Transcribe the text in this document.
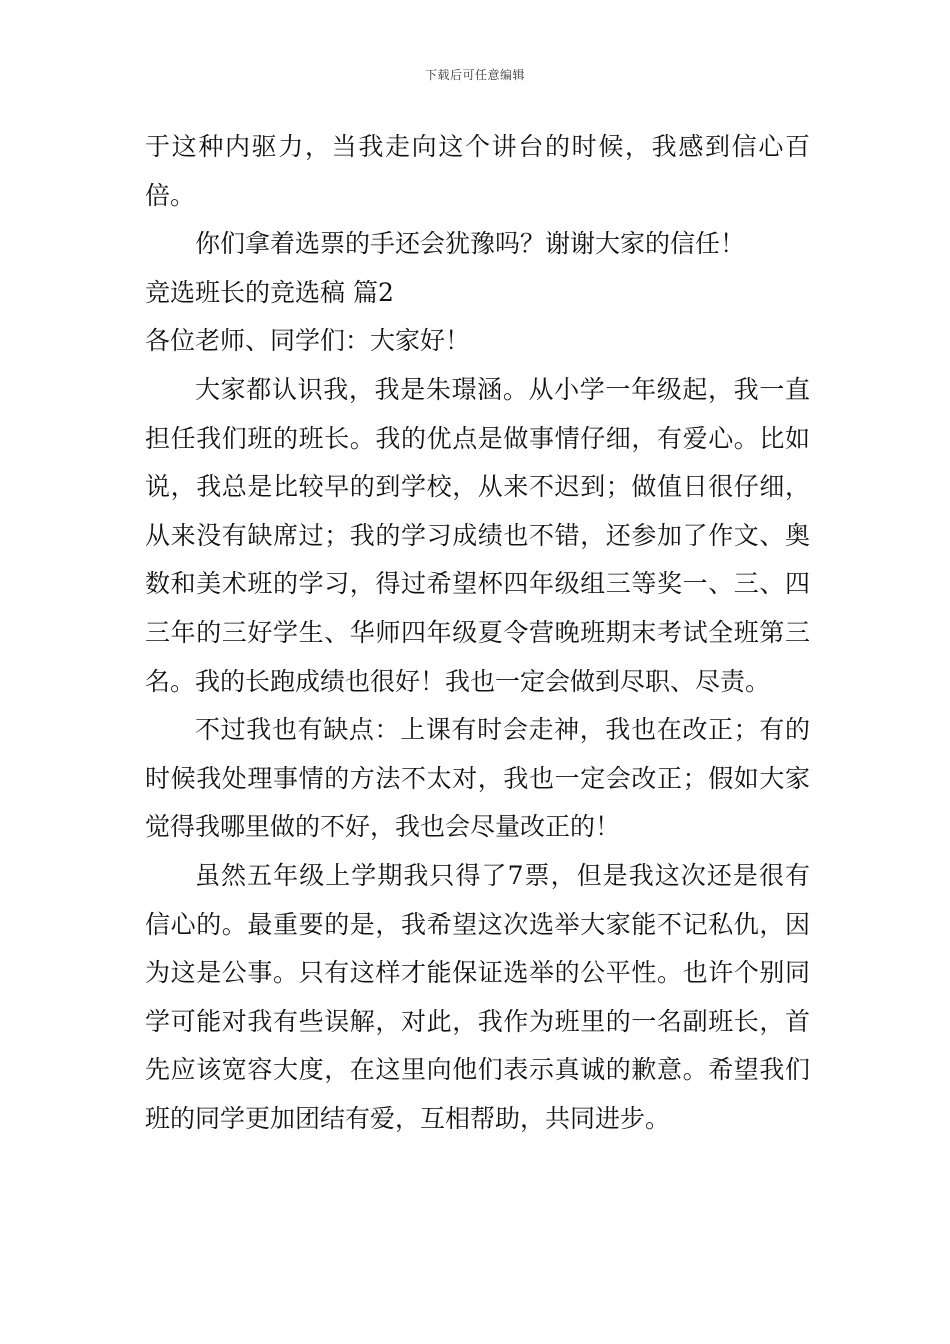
下载后可任意编辑

于这种内驱力，当我走向这个讲台的时候，我感到信心百倍。

你们拿着选票的手还会犹豫吗？谢谢大家的信任！

竞选班长的竞选稿 篇2

各位老师、同学们：大家好！

大家都认识我，我是朱璟涵。从小学一年级起，我一直担任我们班的班长。我的优点是做事情仔细，有爱心。比如说，我总是比较早的到学校，从来不迟到；做值日很仔细，从来没有缺席过；我的学习成绩也不错，还参加了作文、奥数和美术班的学习，得过希望杯四年级组三等奖一、三、四三年的三好学生、华师四年级夏令营晚班期末考试全班第三名。我的长跑成绩也很好！我也一定会做到尽职、尽责。

不过我也有缺点：上课有时会走神，我也在改正；有的时候我处理事情的方法不太对，我也一定会改正；假如大家觉得我哪里做的不好，我也会尽量改正的！

虽然五年级上学期我只得了7票，但是我这次还是很有信心的。最重要的是，我希望这次选举大家能不记私仇，因为这是公事。只有这样才能保证选举的公平性。也许个别同学可能对我有些误解，对此，我作为班里的一名副班长，首先应该宽容大度，在这里向他们表示真诚的歉意。希望我们班的同学更加团结有爱，互相帮助，共同进步。
